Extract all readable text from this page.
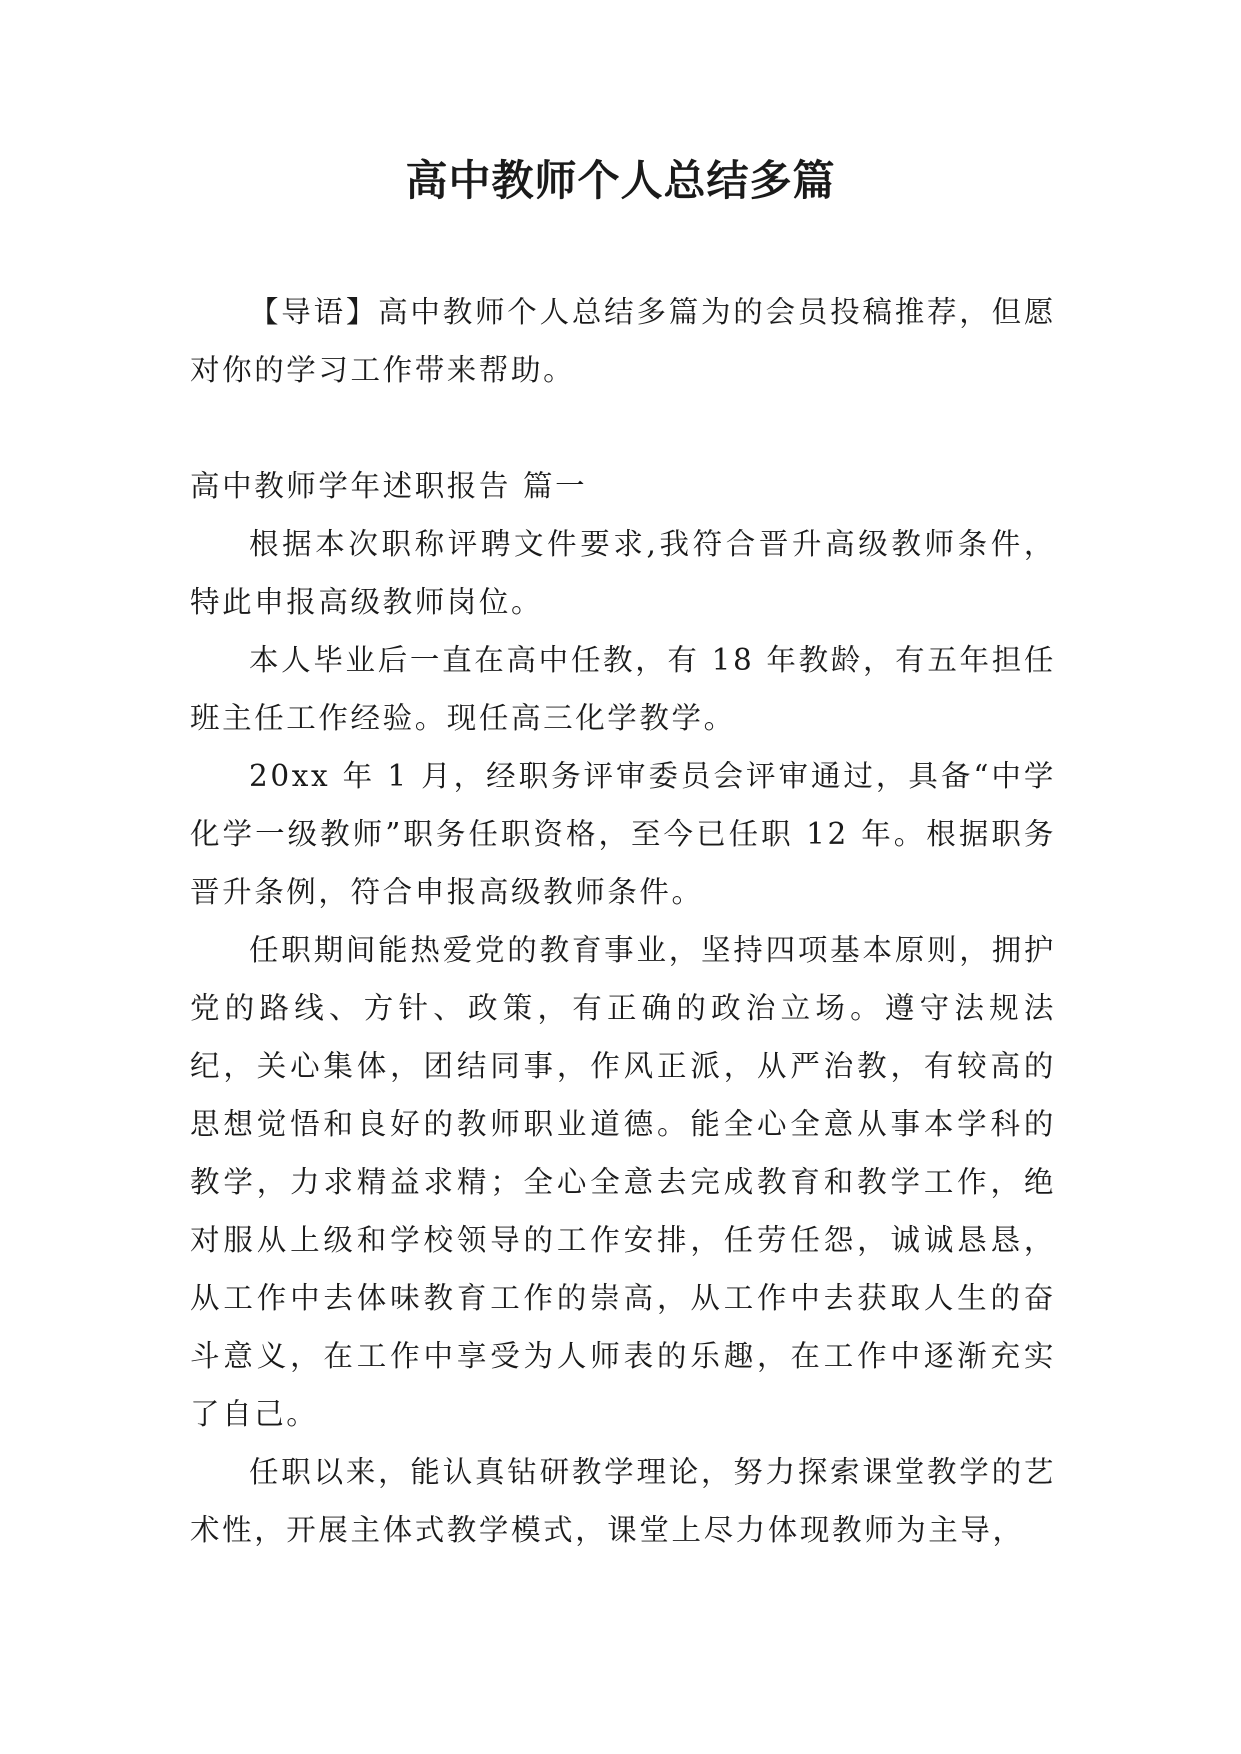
高中教师个人总结多篇

【导语】高中教师个人总结多篇为的会员投稿推荐，但愿对你的学习工作带来帮助。

高中教师学年述职报告 篇一

根据本次职称评聘文件要求,我符合晋升高级教师条件，特此申报高级教师岗位。

本人毕业后一直在高中任教，有 18 年教龄，有五年担任班主任工作经验。现任高三化学教学。

20xx 年 1 月，经职务评审委员会评审通过，具备“中学化学一级教师”职务任职资格，至今已任职 12 年。根据职务晋升条例，符合申报高级教师条件。

任职期间能热爱党的教育事业，坚持四项基本原则，拥护党的路线、方针、政策，有正确的政治立场。遵守法规法纪，关心集体，团结同事，作风正派，从严治教，有较高的思想觉悟和良好的教师职业道德。能全心全意从事本学科的教学，力求精益求精；全心全意去完成教育和教学工作，绝对服从上级和学校领导的工作安排，任劳任怨，诚诚恳恳，从工作中去体味教育工作的崇高，从工作中去获取人生的奋斗意义，在工作中享受为人师表的乐趣，在工作中逐渐充实了自己。

任职以来，能认真钻研教学理论，努力探索课堂教学的艺术性，开展主体式教学模式，课堂上尽力体现教师为主导，
